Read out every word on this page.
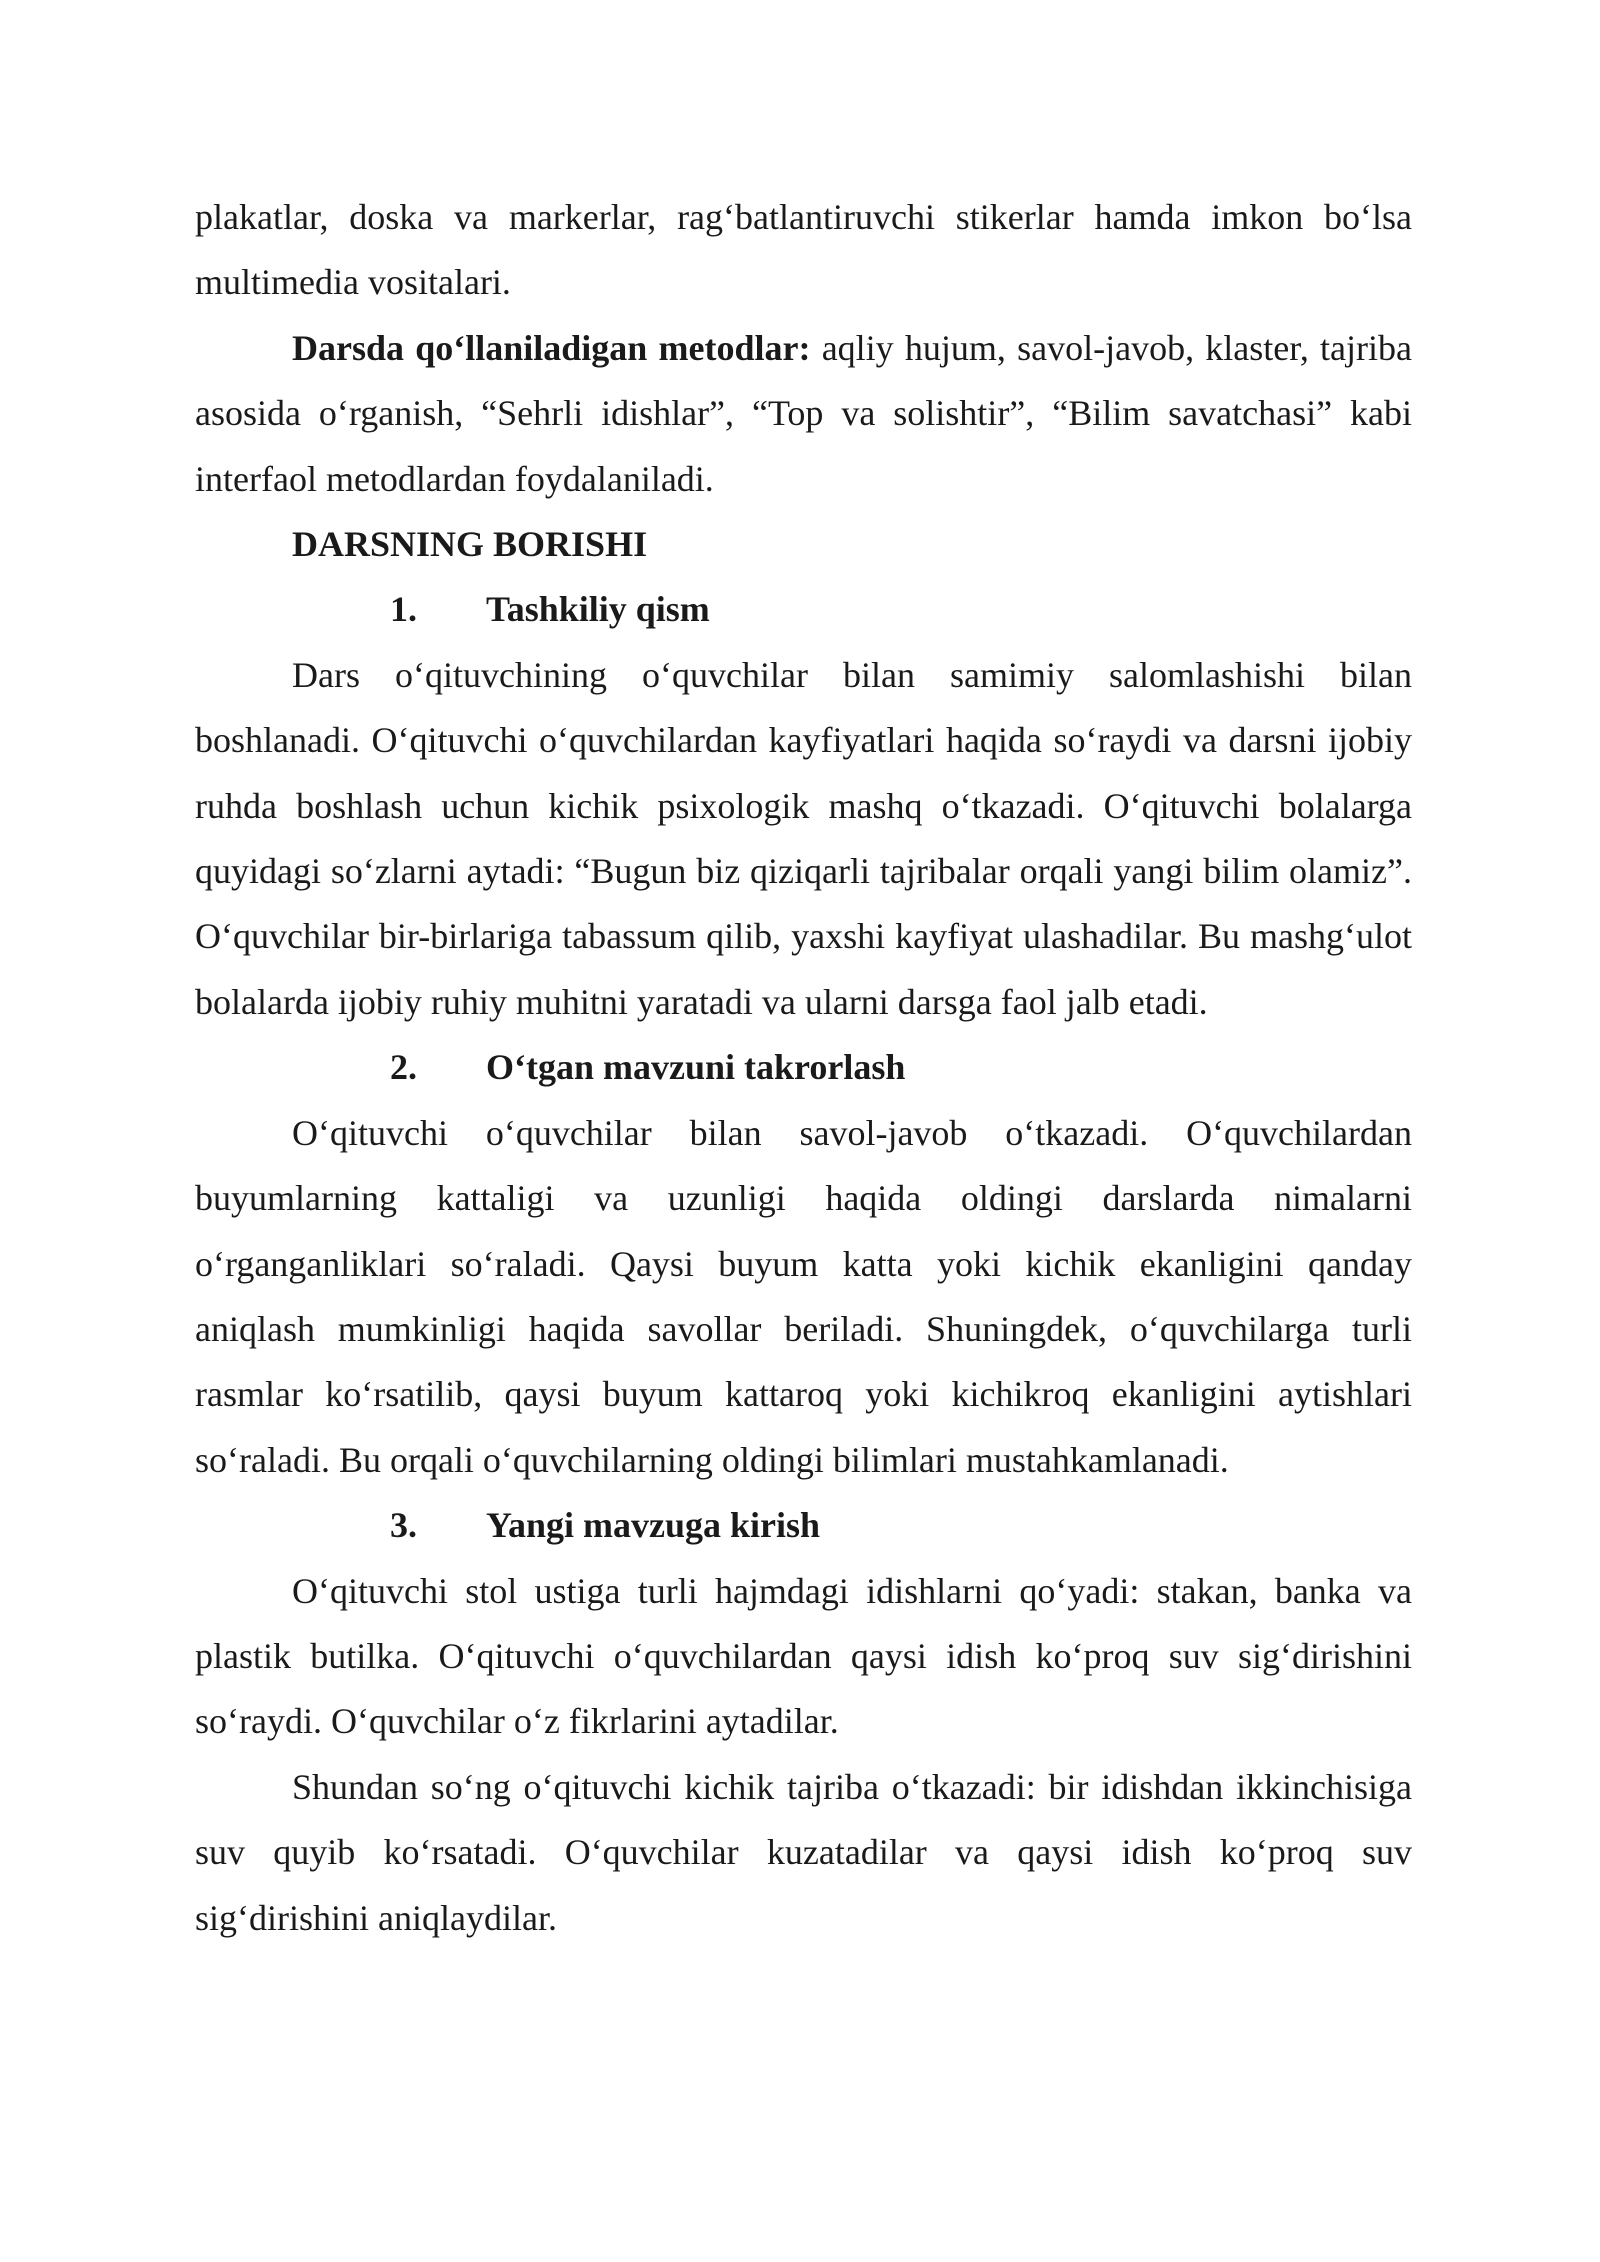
plakatlar, doska va markerlar, rag‘batlantiruvchi stikerlar hamda imkon bo‘lsa multimedia vositalari.

Darsda qo‘llaniladigan metodlar: aqliy hujum, savol-javob, klaster, tajriba asosida o‘rganish, “Sehrli idishlar”, “Top va solishtir”, “Bilim savatchasi” kabi interfaol metodlardan foydalaniladi.

DARSNING BORISHI

1.	Tashkiliy qism

Dars o‘qituvchining o‘quvchilar bilan samimiy salomlashishi bilan boshlanadi. O‘qituvchi o‘quvchilardan kayfiyatlari haqida so‘raydi va darsni ijobiy ruhda boshlash uchun kichik psixologik mashq o‘tkazadi. O‘qituvchi bolalarga quyidagi so‘zlarni aytadi: “Bugun biz qiziqarli tajribalar orqali yangi bilim olamiz”. O‘quvchilar bir-birlariga tabassum qilib, yaxshi kayfiyat ulashadilar. Bu mashg‘ulot bolalarda ijobiy ruhiy muhitni yaratadi va ularni darsga faol jalb etadi.

2.	O‘tgan mavzuni takrorlash

O‘qituvchi o‘quvchilar bilan savol-javob o‘tkazadi. O‘quvchilardan buyumlarning kattaligi va uzunligi haqida oldingi darslarda nimalarni o‘rganganliklari so‘raladi. Qaysi buyum katta yoki kichik ekanligini qanday aniqlash mumkinligi haqida savollar beriladi. Shuningdek, o‘quvchilarga turli rasmlar ko‘rsatilib, qaysi buyum kattaroq yoki kichikroq ekanligini aytishlari so‘raladi. Bu orqali o‘quvchilarning oldingi bilimlari mustahkamlanadi.

3.	Yangi mavzuga kirish

O‘qituvchi stol ustiga turli hajmdagi idishlarni qo‘yadi: stakan, banka va plastik butilka. O‘qituvchi o‘quvchilardan qaysi idish ko‘proq suv sig‘dirishini so‘raydi. O‘quvchilar o‘z fikrlarini aytadilar.

Shundan so‘ng o‘qituvchi kichik tajriba o‘tkazadi: bir idishdan ikkinchisiga suv quyib ko‘rsatadi. O‘quvchilar kuzatadilar va qaysi idish ko‘proq suv sig‘dirishini aniqlaydilar.
